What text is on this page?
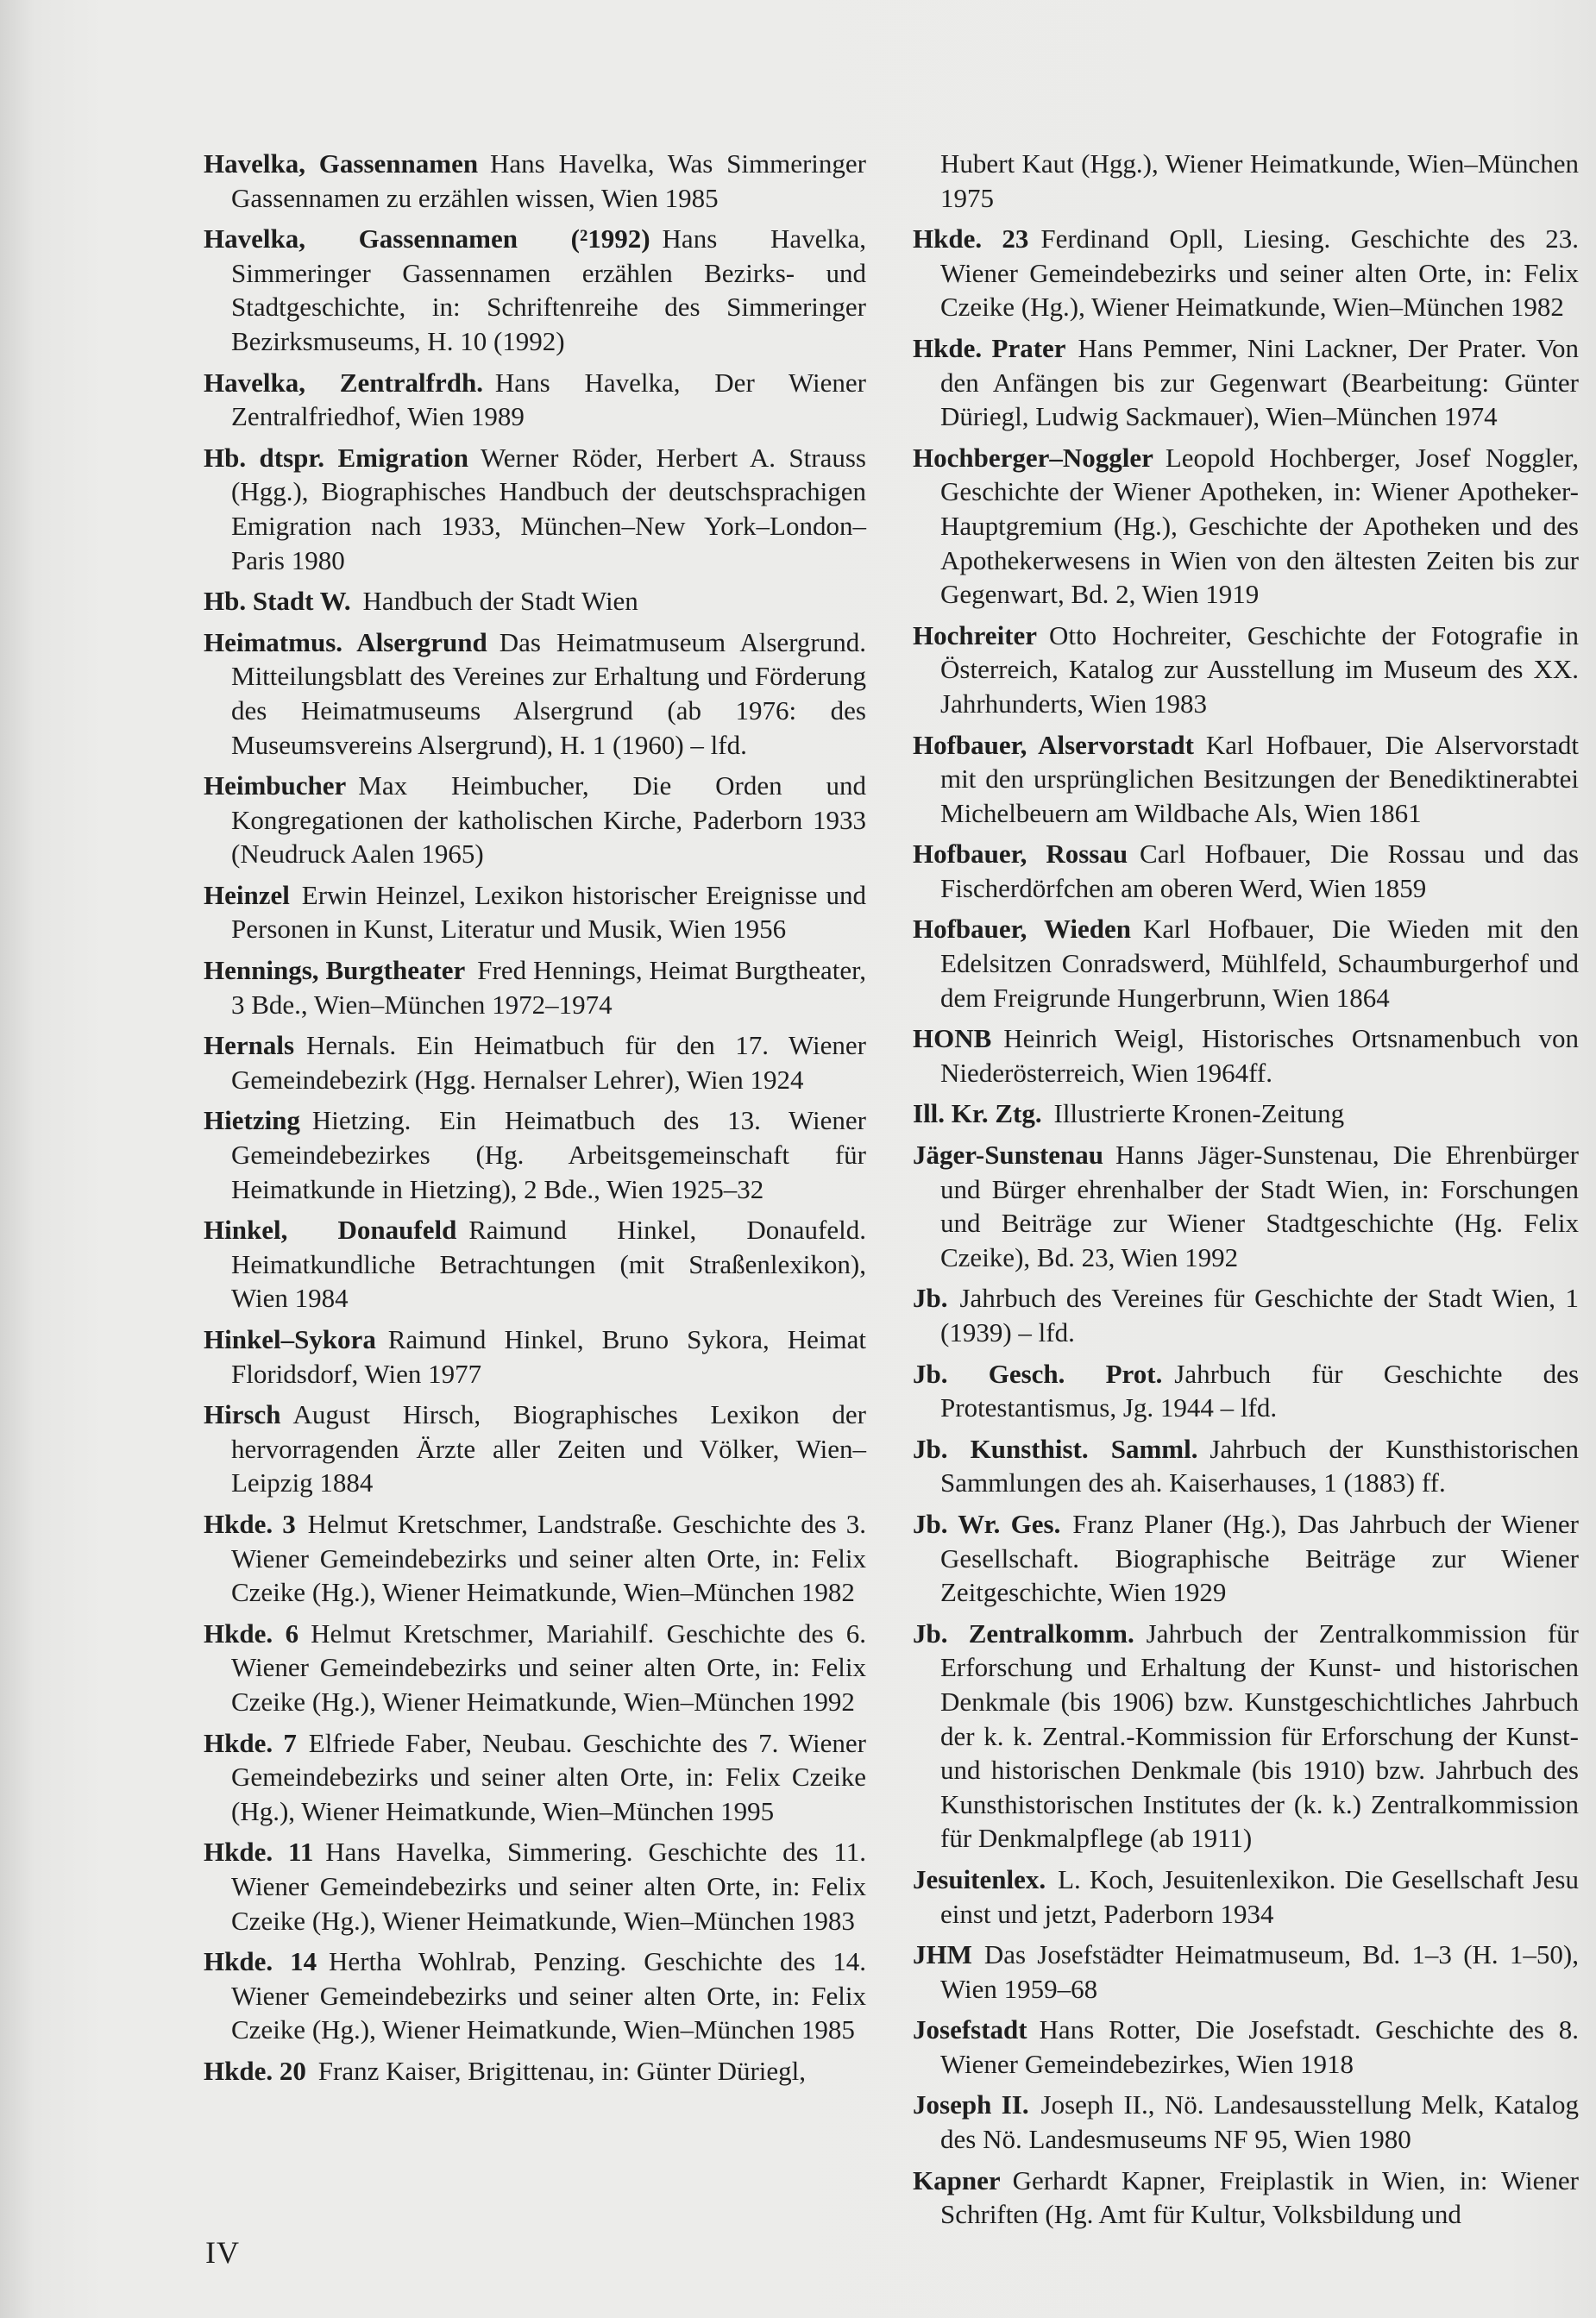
Havelka, Gassennamen Hans Havelka, Was Simmeringer Gassennamen zu erzählen wissen, Wien 1985

Havelka, Gassennamen (²1992) Hans Havelka, Simmeringer Gassennamen erzählen Bezirks- und Stadtgeschichte, in: Schriftenreihe des Simmeringer Bezirksmuseums, H. 10 (1992)

Havelka, Zentralfrdh. Hans Havelka, Der Wiener Zentralfriedhof, Wien 1989

Hb. dtspr. Emigration Werner Röder, Herbert A. Strauss (Hgg.), Biographisches Handbuch der deutschsprachigen Emigration nach 1933, München–New York–London–Paris 1980

Hb. Stadt W. Handbuch der Stadt Wien

Heimatmus. Alsergrund Das Heimatmuseum Alsergrund. Mitteilungsblatt des Vereines zur Erhaltung und Förderung des Heimatmuseums Alsergrund (ab 1976: des Museumsvereins Alsergrund), H. 1 (1960) – lfd.

Heimbucher Max Heimbucher, Die Orden und Kongregationen der katholischen Kirche, Paderborn 1933 (Neudruck Aalen 1965)

Heinzel Erwin Heinzel, Lexikon historischer Ereignisse und Personen in Kunst, Literatur und Musik, Wien 1956

Hennings, Burgtheater Fred Hennings, Heimat Burgtheater, 3 Bde., Wien–München 1972–1974

Hernals Hernals. Ein Heimatbuch für den 17. Wiener Gemeindebezirk (Hgg. Hernalser Lehrer), Wien 1924

Hietzing Hietzing. Ein Heimatbuch des 13. Wiener Gemeindebezirkes (Hg. Arbeitsgemeinschaft für Heimatkunde in Hietzing), 2 Bde., Wien 1925–32

Hinkel, Donaufeld Raimund Hinkel, Donaufeld. Heimatkundliche Betrachtungen (mit Straßenlexikon), Wien 1984

Hinkel–Sykora Raimund Hinkel, Bruno Sykora, Heimat Floridsdorf, Wien 1977

Hirsch August Hirsch, Biographisches Lexikon der hervorragenden Ärzte aller Zeiten und Völker, Wien–Leipzig 1884

Hkde. 3 Helmut Kretschmer, Landstraße. Geschichte des 3. Wiener Gemeindebezirks und seiner alten Orte, in: Felix Czeike (Hg.), Wiener Heimatkunde, Wien–München 1982

Hkde. 6 Helmut Kretschmer, Mariahilf. Geschichte des 6. Wiener Gemeindebezirks und seiner alten Orte, in: Felix Czeike (Hg.), Wiener Heimatkunde, Wien–München 1992

Hkde. 7 Elfriede Faber, Neubau. Geschichte des 7. Wiener Gemeindebezirks und seiner alten Orte, in: Felix Czeike (Hg.), Wiener Heimatkunde, Wien–München 1995

Hkde. 11 Hans Havelka, Simmering. Geschichte des 11. Wiener Gemeindebezirks und seiner alten Orte, in: Felix Czeike (Hg.), Wiener Heimatkunde, Wien–München 1983

Hkde. 14 Hertha Wohlrab, Penzing. Geschichte des 14. Wiener Gemeindebezirks und seiner alten Orte, in: Felix Czeike (Hg.), Wiener Heimatkunde, Wien–München 1985

Hkde. 20 Franz Kaiser, Brigittenau, in: Günter Düriegl,

Hubert Kaut (Hgg.), Wiener Heimatkunde, Wien–München 1975

Hkde. 23 Ferdinand Opll, Liesing. Geschichte des 23. Wiener Gemeindebezirks und seiner alten Orte, in: Felix Czeike (Hg.), Wiener Heimatkunde, Wien–München 1982

Hkde. Prater Hans Pemmer, Nini Lackner, Der Prater. Von den Anfängen bis zur Gegenwart (Bearbeitung: Günter Düriegl, Ludwig Sackmauer), Wien–München 1974

Hochberger–Noggler Leopold Hochberger, Josef Noggler, Geschichte der Wiener Apotheken, in: Wiener Apotheker-Hauptgremium (Hg.), Geschichte der Apotheken und des Apothekerwesens in Wien von den ältesten Zeiten bis zur Gegenwart, Bd. 2, Wien 1919

Hochreiter Otto Hochreiter, Geschichte der Fotografie in Österreich, Katalog zur Ausstellung im Museum des XX. Jahrhunderts, Wien 1983

Hofbauer, Alservorstadt Karl Hofbauer, Die Alservorstadt mit den ursprünglichen Besitzungen der Benediktinerabtei Michelbeuern am Wildbache Als, Wien 1861

Hofbauer, Rossau Carl Hofbauer, Die Rossau und das Fischerdörfchen am oberen Werd, Wien 1859

Hofbauer, Wieden Karl Hofbauer, Die Wieden mit den Edelsitzen Conradswerd, Mühlfeld, Schaumburgerhof und dem Freigrunde Hungerbrunn, Wien 1864

HONB Heinrich Weigl, Historisches Ortsnamenbuch von Niederösterreich, Wien 1964ff.

Ill. Kr. Ztg. Illustrierte Kronen-Zeitung

Jäger-Sunstenau Hanns Jäger-Sunstenau, Die Ehrenbürger und Bürger ehrenhalber der Stadt Wien, in: Forschungen und Beiträge zur Wiener Stadtgeschichte (Hg. Felix Czeike), Bd. 23, Wien 1992

Jb. Jahrbuch des Vereines für Geschichte der Stadt Wien, 1 (1939) – lfd.

Jb. Gesch. Prot. Jahrbuch für Geschichte des Protestantismus, Jg. 1944 – lfd.

Jb. Kunsthist. Samml. Jahrbuch der Kunsthistorischen Sammlungen des ah. Kaiserhauses, 1 (1883) ff.

Jb. Wr. Ges. Franz Planer (Hg.), Das Jahrbuch der Wiener Gesellschaft. Biographische Beiträge zur Wiener Zeitgeschichte, Wien 1929

Jb. Zentralkomm. Jahrbuch der Zentralkommission für Erforschung und Erhaltung der Kunst- und historischen Denkmale (bis 1906) bzw. Kunstgeschichtliches Jahrbuch der k. k. Zentral.-Kommission für Erforschung der Kunst- und historischen Denkmale (bis 1910) bzw. Jahrbuch des Kunsthistorischen Institutes der (k. k.) Zentralkommission für Denkmalpflege (ab 1911)

Jesuitenlex. L. Koch, Jesuitenlexikon. Die Gesellschaft Jesu einst und jetzt, Paderborn 1934

JHM Das Josefstädter Heimatmuseum, Bd. 1–3 (H. 1–50), Wien 1959–68

Josefstadt Hans Rotter, Die Josefstadt. Geschichte des 8. Wiener Gemeindebezirkes, Wien 1918

Joseph II. Joseph II., Nö. Landesausstellung Melk, Katalog des Nö. Landesmuseums NF 95, Wien 1980

Kapner Gerhardt Kapner, Freiplastik in Wien, in: Wiener Schriften (Hg. Amt für Kultur, Volksbildung und

IV
